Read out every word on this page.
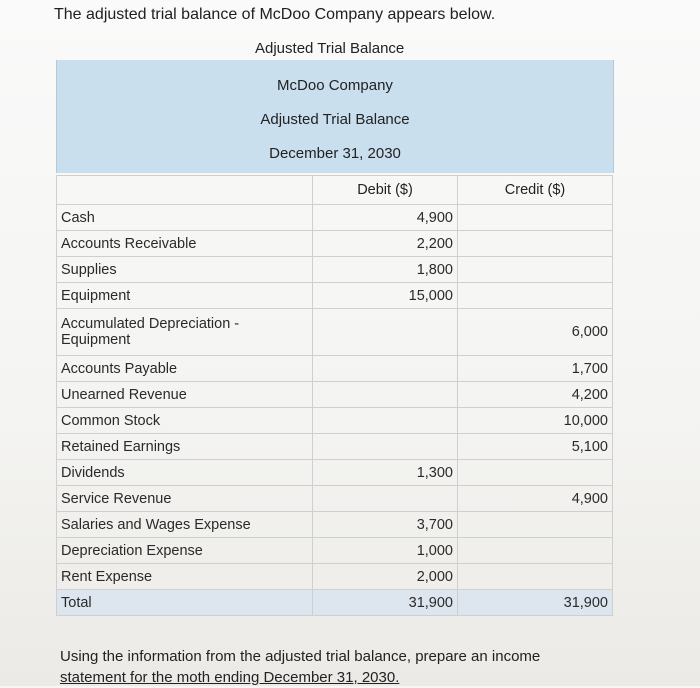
The adjusted trial balance of McDoo Company appears below.
Adjusted Trial Balance
McDoo Company
Adjusted Trial Balance
December 31, 2030
	Debit ($)	Credit ($)
Cash	4,900	
Accounts Receivable	2,200	
Supplies	1,800	
Equipment	15,000	
Accumulated Depreciation - Equipment		6,000
Accounts Payable		1,700
Unearned Revenue		4,200
Common Stock		10,000
Retained Earnings		5,100
Dividends	1,300	
Service Revenue		4,900
Salaries and Wages Expense	3,700	
Depreciation Expense	1,000	
Rent Expense	2,000	
Total	31,900	31,900
Using the information from the adjusted trial balance, prepare an income
statement for the moth ending December 31, 2030.
